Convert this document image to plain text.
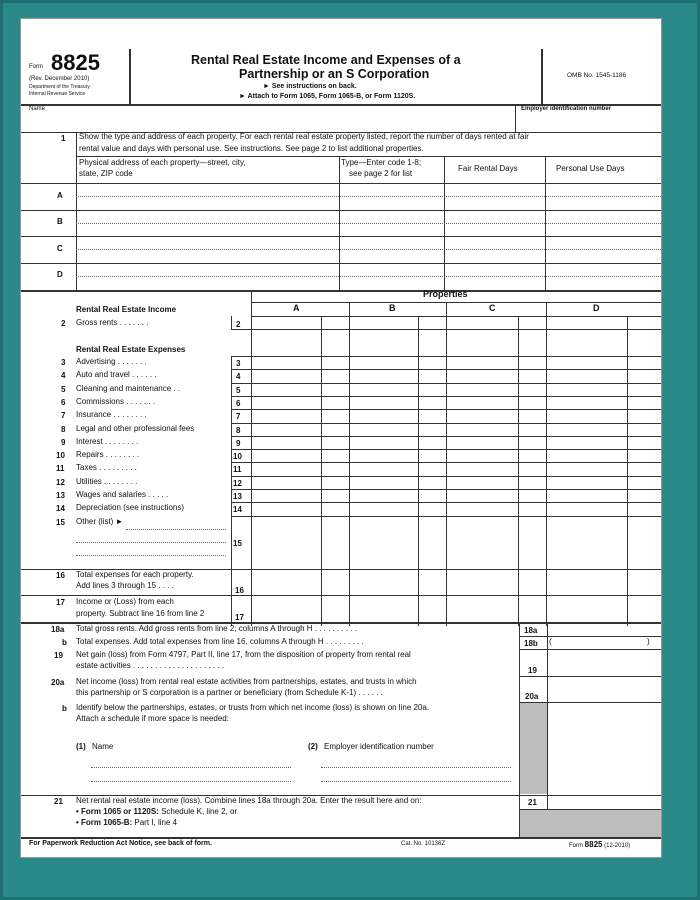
Form 8825
(Rev. December 2010)
Department of the Treasury
Internal Revenue Service
Rental Real Estate Income and Expenses of a
Partnership or an S Corporation
► See instructions on back.
► Attach to Form 1065, Form 1065-B, or Form 1120S.
OMB No. 1545-1186
Name	Employer identification number
1 Show the type and address of each property. For each rental real estate property listed, report the number of days rented at fair
rental value and days with personal use. See instructions. See page 2 to list additional properties.
Physical address of each property—street, city,
state, ZIP code
Type—Enter code 1-8;
see page 2 for list
Fair Rental Days	Personal Use Days
A
B
C
D
Properties
A	B	C	D
Rental Real Estate Income
2 Gross rents . . . . . . .	2
Rental Real Estate Expenses
3 Advertising . . . . . . .	3
4 Auto and travel . . . . . .	4
5 Cleaning and maintenance . .	5
6 Commissions . . . . . . .	6
7 Insurance . . . . . . . .	7
8 Legal and other professional fees	8
9 Interest . . . . . . . .	9
10 Repairs . . . . . . . .	10
11 Taxes . . . . . . . . .	11
12 Utilities . . . . . . . .	12
13 Wages and salaries . . . . .	13
14 Depreciation (see instructions)	14
15 Other (list) ►
15
16 Total expenses for each property.
Add lines 3 through 15 . . . .
16
17 Income or (Loss) from each
property. Subtract line 16 from line 2	17
18a Total gross rents. Add gross rents from line 2, columns A through H . . . . . . . . . .	18a
b Total expenses. Add total expenses from line 16, columns A through H . . . . . . . . .	18b (	)
19 Net gain (loss) from Form 4797, Part II, line 17, from the disposition of property from rental real
estate activities . . . . . . . . . . . . . . . . . . . . .
19
20a Net income (loss) from rental real estate activities from partnerships, estates, and trusts in which
this partnership or S corporation is a partner or beneficiary (from Schedule K-1) . . . . . .	20a
b Identify below the partnerships, estates, or trusts from which net income (loss) is shown on line 20a.
Attach a schedule if more space is needed:
(1) Name	(2) Employer identification number
21 Net rental real estate income (loss). Combine lines 18a through 20a. Enter the result here and on:
• Form 1065 or 1120S: Schedule K, line 2, or
• Form 1065-B: Part I, line 4
21
For Paperwork Reduction Act Notice, see back of form.	Cat. No. 10136Z	Form 8825 (12-2010)
